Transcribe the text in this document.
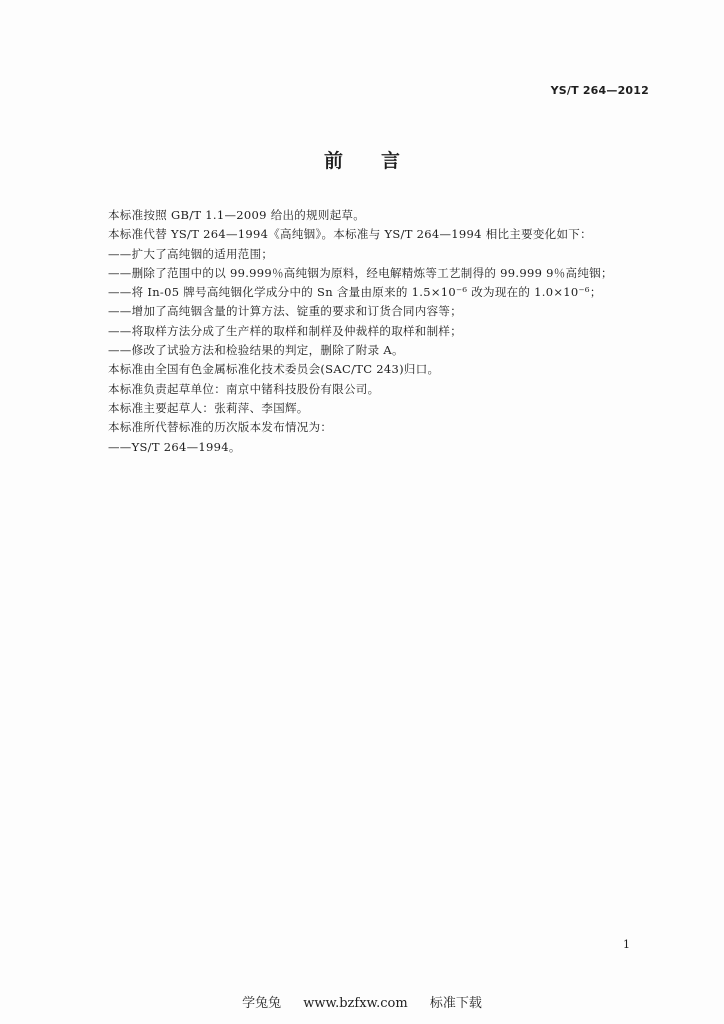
YS/T 264—2012
前 言
本标准按照 GB/T 1.1—2009 给出的规则起草。
本标准代替 YS/T 264—1994《高纯铟》。本标准与 YS/T 264—1994 相比主要变化如下：
——扩大了高纯铟的适用范围；
——删除了范围中的以 99.999％高纯铟为原料，经电解精炼等工艺制得的 99.999 9％高纯铟；
——将 In-05 牌号高纯铟化学成分中的 Sn 含量由原来的 1.5×10⁻⁶ 改为现在的 1.0×10⁻⁶；
——增加了高纯铟含量的计算方法、锭重的要求和订货合同内容等；
——将取样方法分成了生产样的取样和制样及仲裁样的取样和制样；
——修改了试验方法和检验结果的判定，删除了附录 A。
本标准由全国有色金属标准化技术委员会(SAC/TC 243)归口。
本标准负责起草单位：南京中锗科技股份有限公司。
本标准主要起草人：张莉萍、李国辉。
本标准所代替标准的历次版本发布情况为：
——YS/T 264—1994。
1
学兔兔 www.bzfxw.com 标准下载
